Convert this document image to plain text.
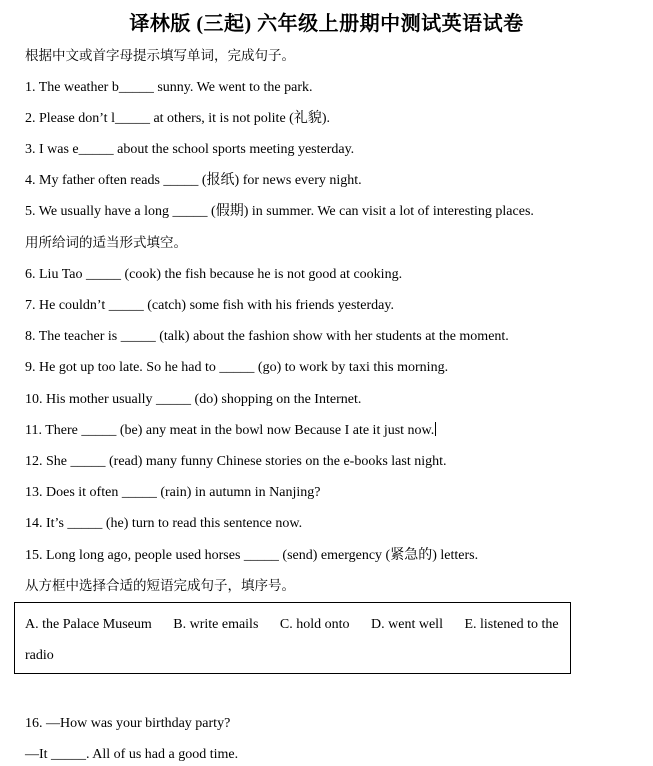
译林版 (三起) 六年级上册期中测试英语试卷
根据中文或首字母提示填写单词，完成句子。
1. The weather b_____ sunny. We went to the park.
2. Please don’t l_____ at others, it is not polite (礼貌).
3. I was e_____ about the school sports meeting yesterday.
4. My father often reads _____ (报纸) for news every night.
5. We usually have a long _____ (假期) in summer. We can visit a lot of interesting places.
用所给词的适当形式填空。
6. Liu Tao _____ (cook) the fish because he is not good at cooking.
7. He couldn’t _____ (catch) some fish with his friends yesterday.
8. The teacher is _____ (talk) about the fashion show with her students at the moment.
9. He got up too late. So he had to _____ (go) to work by taxi this morning.
10. His mother usually _____ (do) shopping on the Internet.
11. There _____ (be) any meat in the bowl now Because I ate it just now.
12. She _____ (read) many funny Chinese stories on the e-books last night.
13. Does it often _____ (rain) in autumn in Nanjing?
14. It’s _____ (he) turn to read this sentence now.
15. Long long ago, people used horses _____ (send) emergency (紧急的) letters.
从方框中选择合适的短语完成句子，填序号。
A. the Palace Museum B. write emails C. hold onto D. went well E. listened to the
radio
16. —How was your birthday party?
—It _____. All of us had a good time.
